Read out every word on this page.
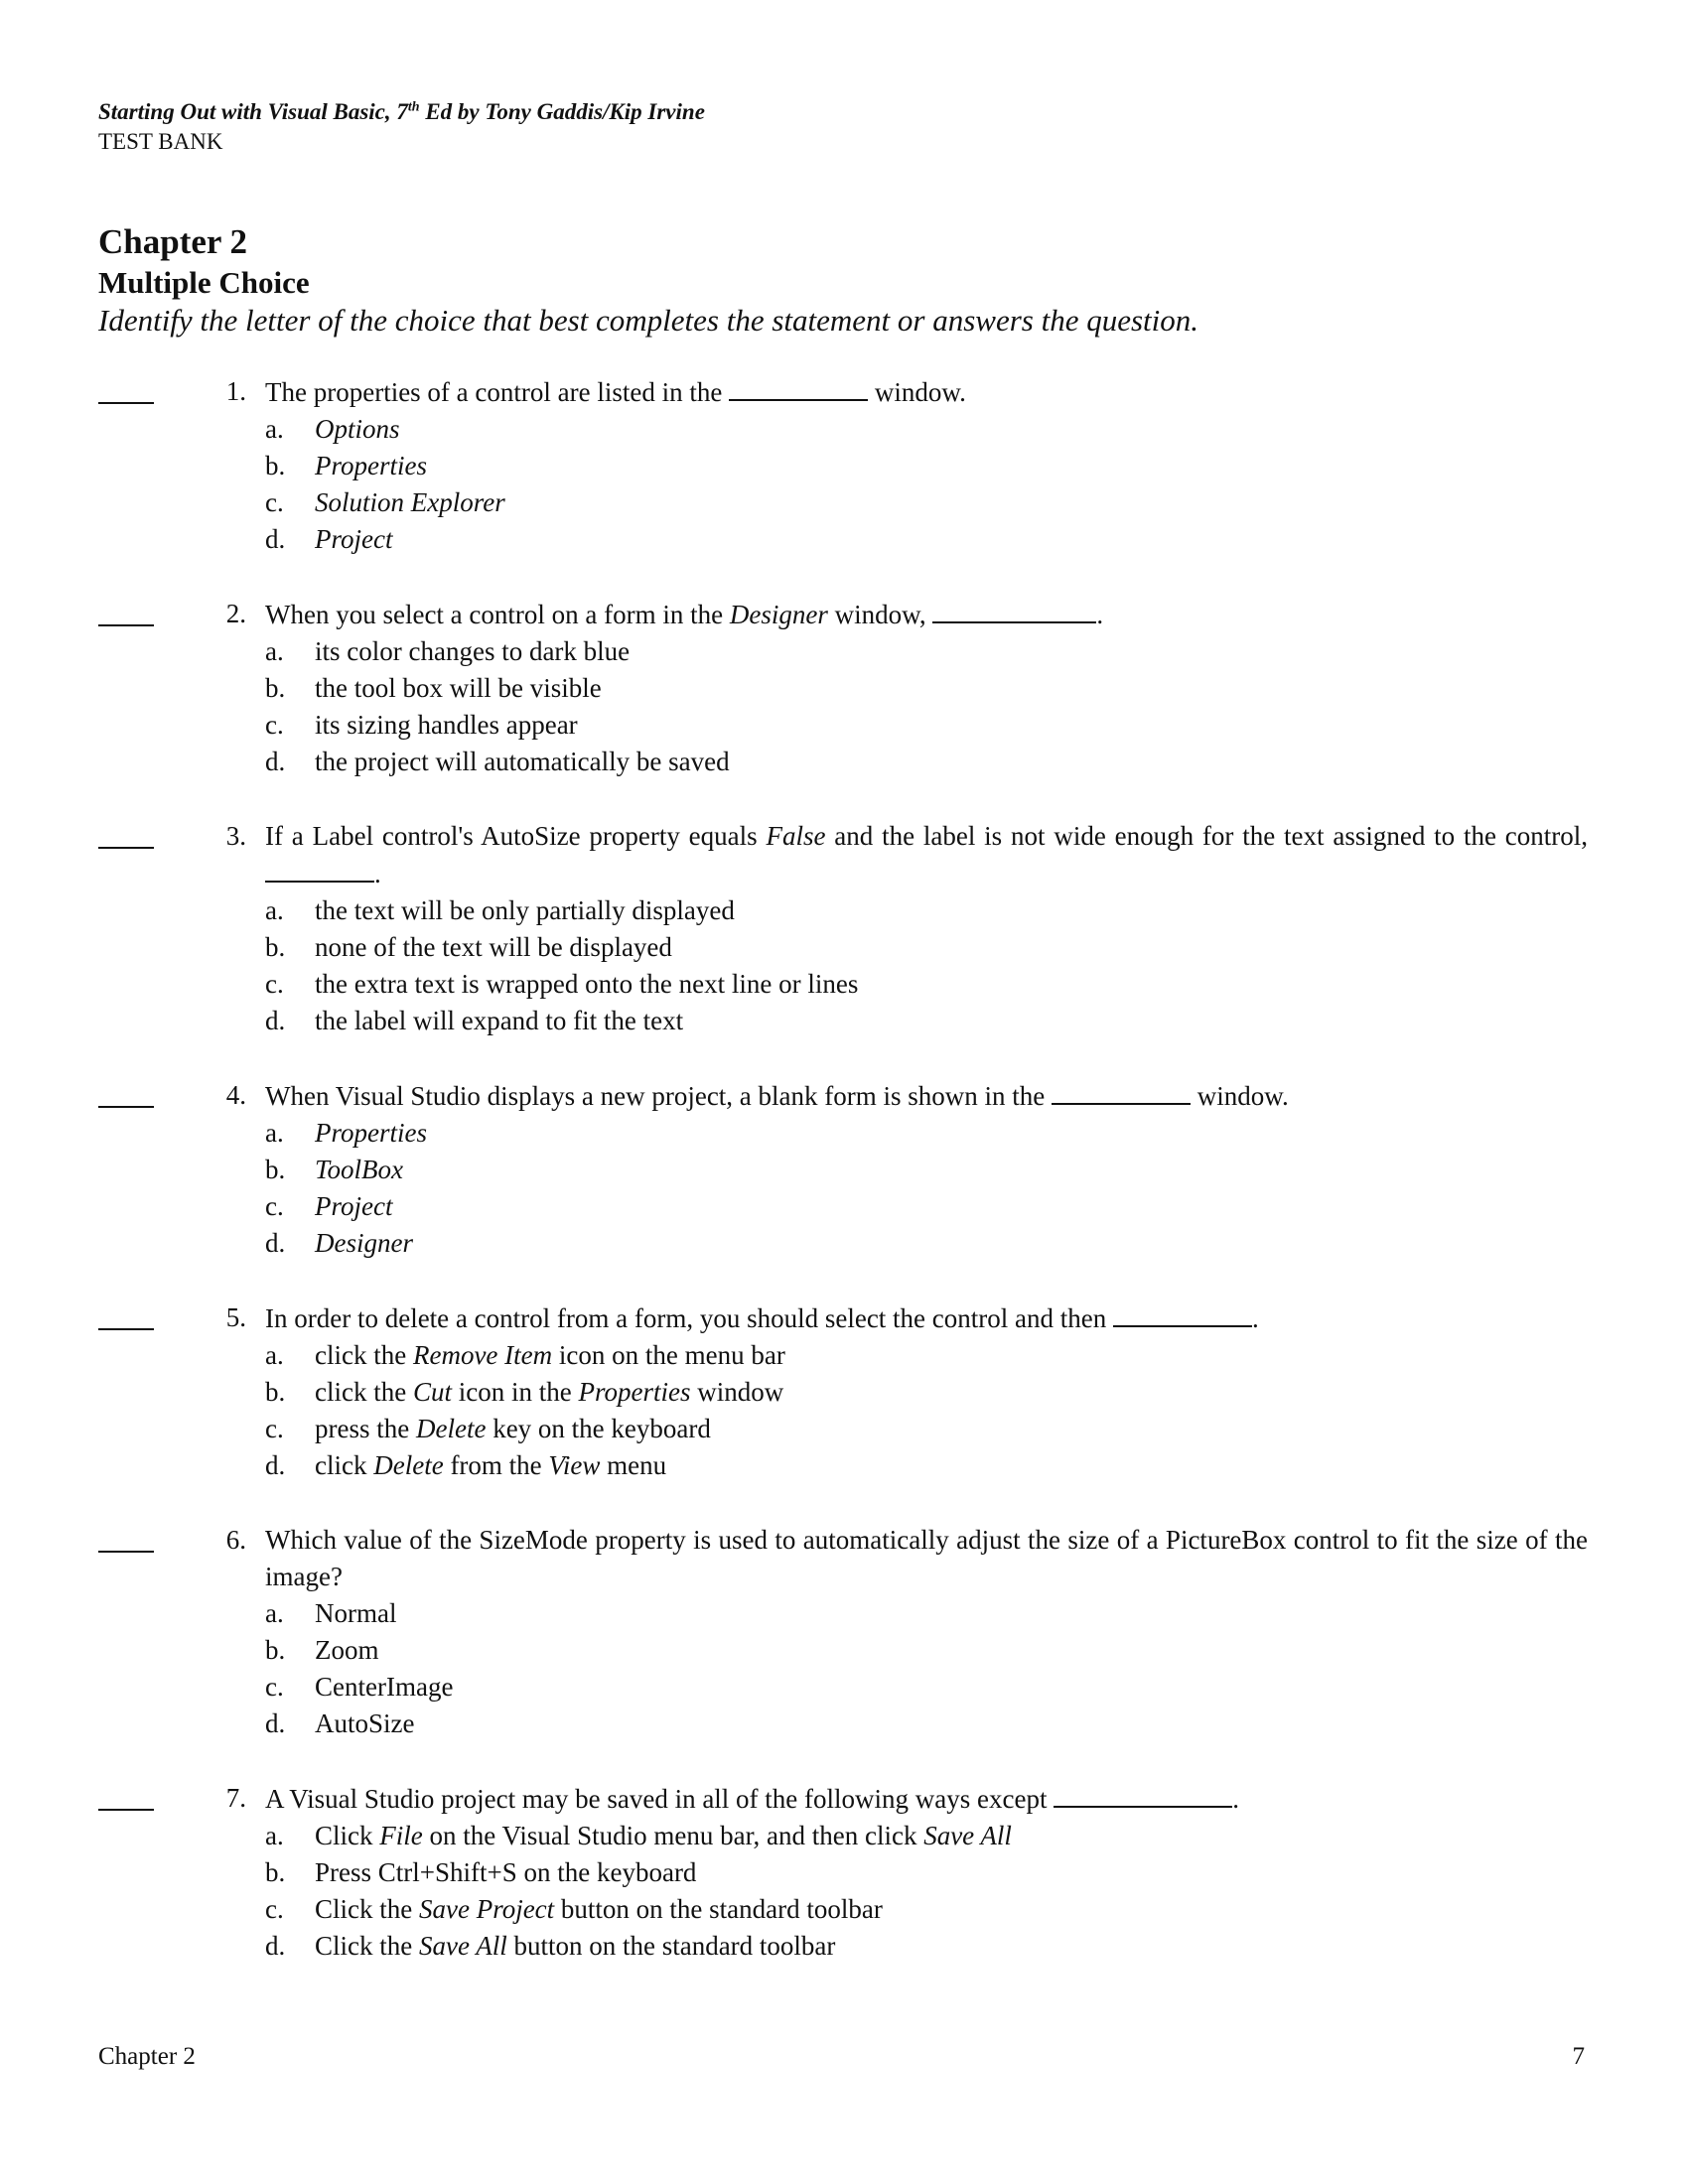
Starting Out with Visual Basic, 7th Ed by Tony Gaddis/Kip Irvine
TEST BANK
Chapter 2
Multiple Choice
Identify the letter of the choice that best completes the statement or answers the question.
1. The properties of a control are listed in the	window.
a.	Options
b.	Properties
c.	Solution Explorer
d.	Project
2. When you select a control on a form in the Designer window,	.
a.	its color changes to dark blue
b.	the tool box will be visible
c.	its sizing handles appear
d.	the project will automatically be saved
3. If a Label control's AutoSize property equals False and the label is not wide enough for the text assigned to the control, .
a.	the text will be only partially displayed
b.	none of the text will be displayed
c.	the extra text is wrapped onto the next line or lines
d.	the label will expand to fit the text
4. When Visual Studio displays a new project, a blank form is shown in the	window.
a.	Properties
b.	ToolBox
c.	Project
d.	Designer
5. In order to delete a control from a form, you should select the control and then	.
a.	click the Remove Item icon on the menu bar
b.	click the Cut icon in the Properties window
c.	press the Delete key on the keyboard
d.	click Delete from the View menu
6. Which value of the SizeMode property is used to automatically adjust the size of a PictureBox control to fit the size of the image?
a.	Normal
b.	Zoom
c.	CenterImage
d.	AutoSize
7. A Visual Studio project may be saved in all of the following ways except	.
a.	Click File on the Visual Studio menu bar, and then click Save All
b.	Press Ctrl+Shift+S on the keyboard
c.	Click the Save Project button on the standard toolbar
d.	Click the Save All button on the standard toolbar
Chapter 2	7
